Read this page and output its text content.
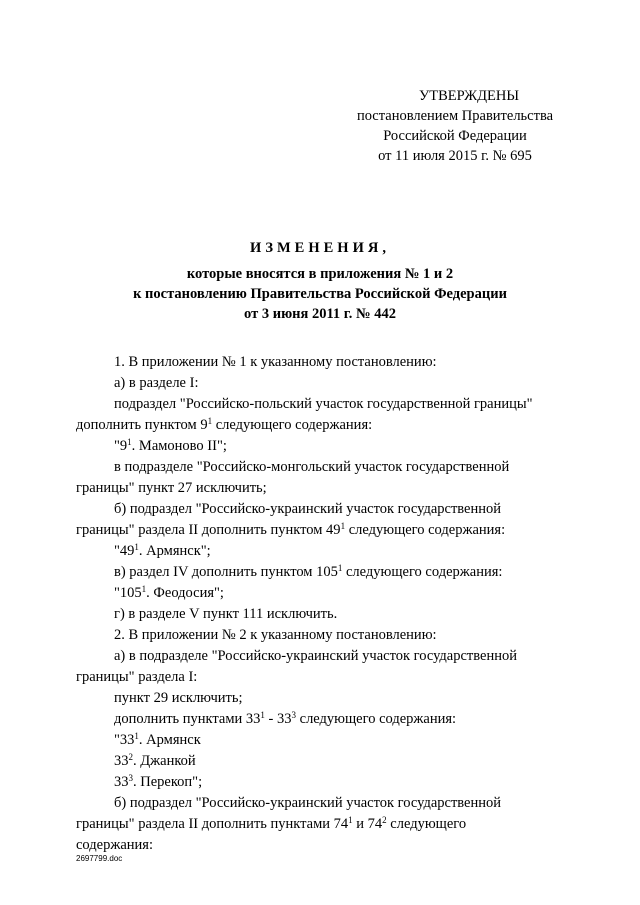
УТВЕРЖДЕНЫ
постановлением Правительства
Российской Федерации
от 11 июля 2015 г. № 695
ИЗМЕНЕНИЯ,
которые вносятся в приложения № 1 и 2
к постановлению Правительства Российской Федерации
от 3 июня 2011 г. № 442

1. В приложении № 1 к указанному постановлению:

а) в разделе I:

подраздел "Российско-польский участок государственной границы"

дополнить пунктом $9^1$ следующего содержания:

"$9^1$. Мамоново II";

в подразделе "Российско-монгольский участок государственной

границы" пункт 27 исключить;

б) подраздел "Российско-украинский участок государственной

границы" раздела II дополнить пунктом $49^1$ следующего содержания:

"$49^1$. Армянск";

в) раздел IV дополнить пунктом $105^1$ следующего содержания:

"$105^1$. Феодосия";

г) в разделе V пункт 111 исключить.

2. В приложении № 2 к указанному постановлению:

а) в подразделе "Российско-украинский участок государственной

границы" раздела I:

пункт 29 исключить;

дополнить пунктами $33^1 - 33^3$ следующего содержания:

"$33^1$. Армянск

$33^2$. Джанкой

$33^3$. Перекоп";

б) подраздел "Российско-украинский участок государственной

границы" раздела II дополнить пунктами $74^1$ и $74^2$ следующего

содержания:

2697799.doc
